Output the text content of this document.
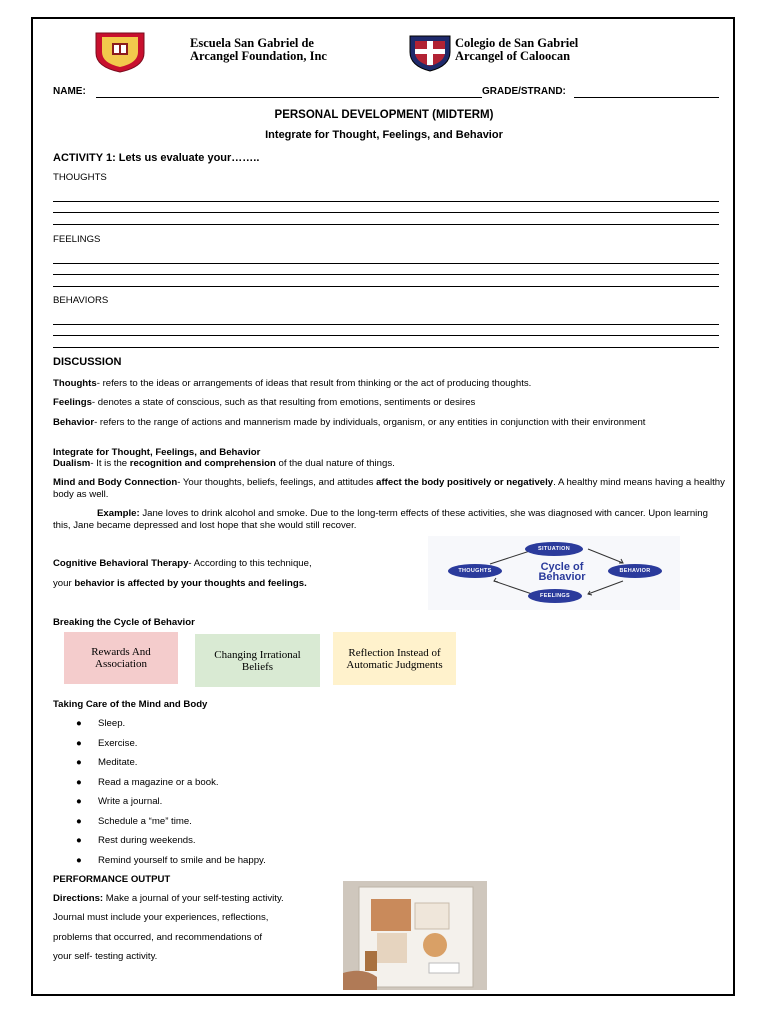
Escuela San Gabriel de
Arcangel Foundation, Inc
Colegio de San Gabriel
Arcangel of Caloocan
NAME:	GRADE/STRAND:
PERSONAL DEVELOPMENT (MIDTERM)
Integrate for Thought, Feelings, and Behavior
ACTIVITY 1: Lets us evaluate your……..
THOUGHTS
FEELINGS
BEHAVIORS
DISCUSSION
Thoughts- refers to the ideas or arrangements of ideas that result from thinking or the act of producing thoughts.
Feelings- denotes a state of conscious, such as that resulting from emotions, sentiments or desires
Behavior- refers to the range of actions and mannerism made by individuals, organism, or any entities in conjunction with their environment
Integrate for Thought, Feelings, and Behavior
Dualism- It is the recognition and comprehension of the dual nature of things.
Mind and Body Connection- Your thoughts, beliefs, feelings, and attitudes affect the body positively or negatively. A healthy mind means having a healthy body as well.
Example: Jane loves to drink alcohol and smoke. Due to the long-term effects of these activities, she was diagnosed with cancer. Upon learning this, Jane became depressed and lost hope that she would still recover.
Cognitive Behavioral Therapy- According to this technique,
your behavior is affected by your thoughts and feelings.
Cycle of
Behavior
SITUATION
BEHAVIOR
FEELINGS
THOUGHTS
Breaking the Cycle of Behavior
Rewards And Association
Changing Irrational Beliefs
Reflection Instead of Automatic Judgments
Taking Care of the Mind and Body
● Sleep.
● Exercise.
● Meditate.
● Read a magazine or a book.
● Write a journal.
● Schedule a “me” time.
● Rest during weekends.
● Remind yourself to smile and be happy.
PERFORMANCE OUTPUT
Directions: Make a journal of your self-testing activity.
Journal must include your experiences, reflections,
problems that occurred, and recommendations of
your self- testing activity.
